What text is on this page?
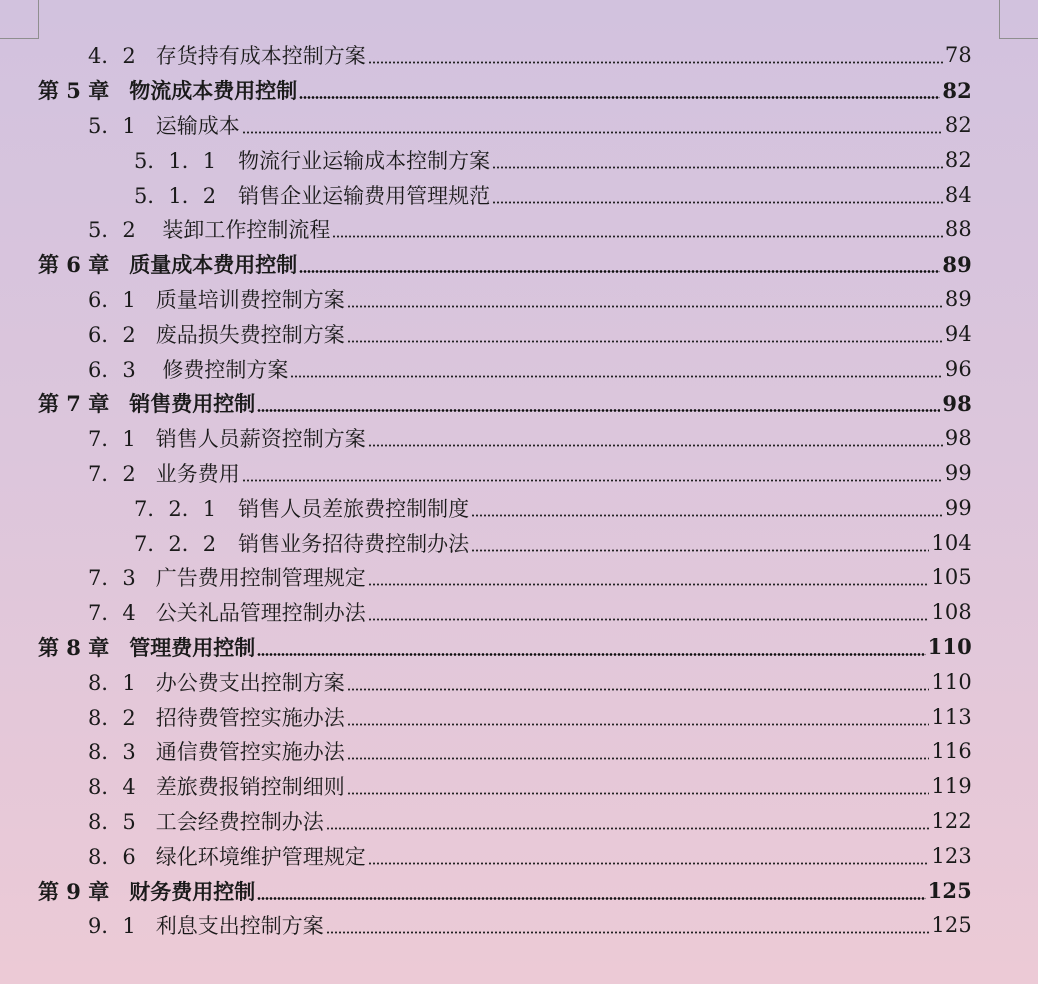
4．2 存货持有成本控制方案	78
第 5 章 物流成本费用控制	82
5．1 运输成本	82
5．1．1 物流行业运输成本控制方案	82
5．1．2 销售企业运输费用管理规范	84
5．2 装卸工作控制流程	88
第 6 章 质量成本费用控制	89
6．1 质量培训费控制方案	89
6．2 废品损失费控制方案	94
6．3 修费控制方案	96
第 7 章 销售费用控制	98
7．1 销售人员薪资控制方案	98
7．2 业务费用	99
7．2．1 销售人员差旅费控制制度	99
7．2．2 销售业务招待费控制办法	104
7．3 广告费用控制管理规定	105
7．4 公关礼品管理控制办法	108
第 8 章 管理费用控制	110
8．1 办公费支出控制方案	110
8．2 招待费管控实施办法	113
8．3 通信费管控实施办法	116
8．4 差旅费报销控制细则	119
8．5 工会经费控制办法	122
8．6 绿化环境维护管理规定	123
第 9 章 财务费用控制	125
9．1 利息支出控制方案	125
